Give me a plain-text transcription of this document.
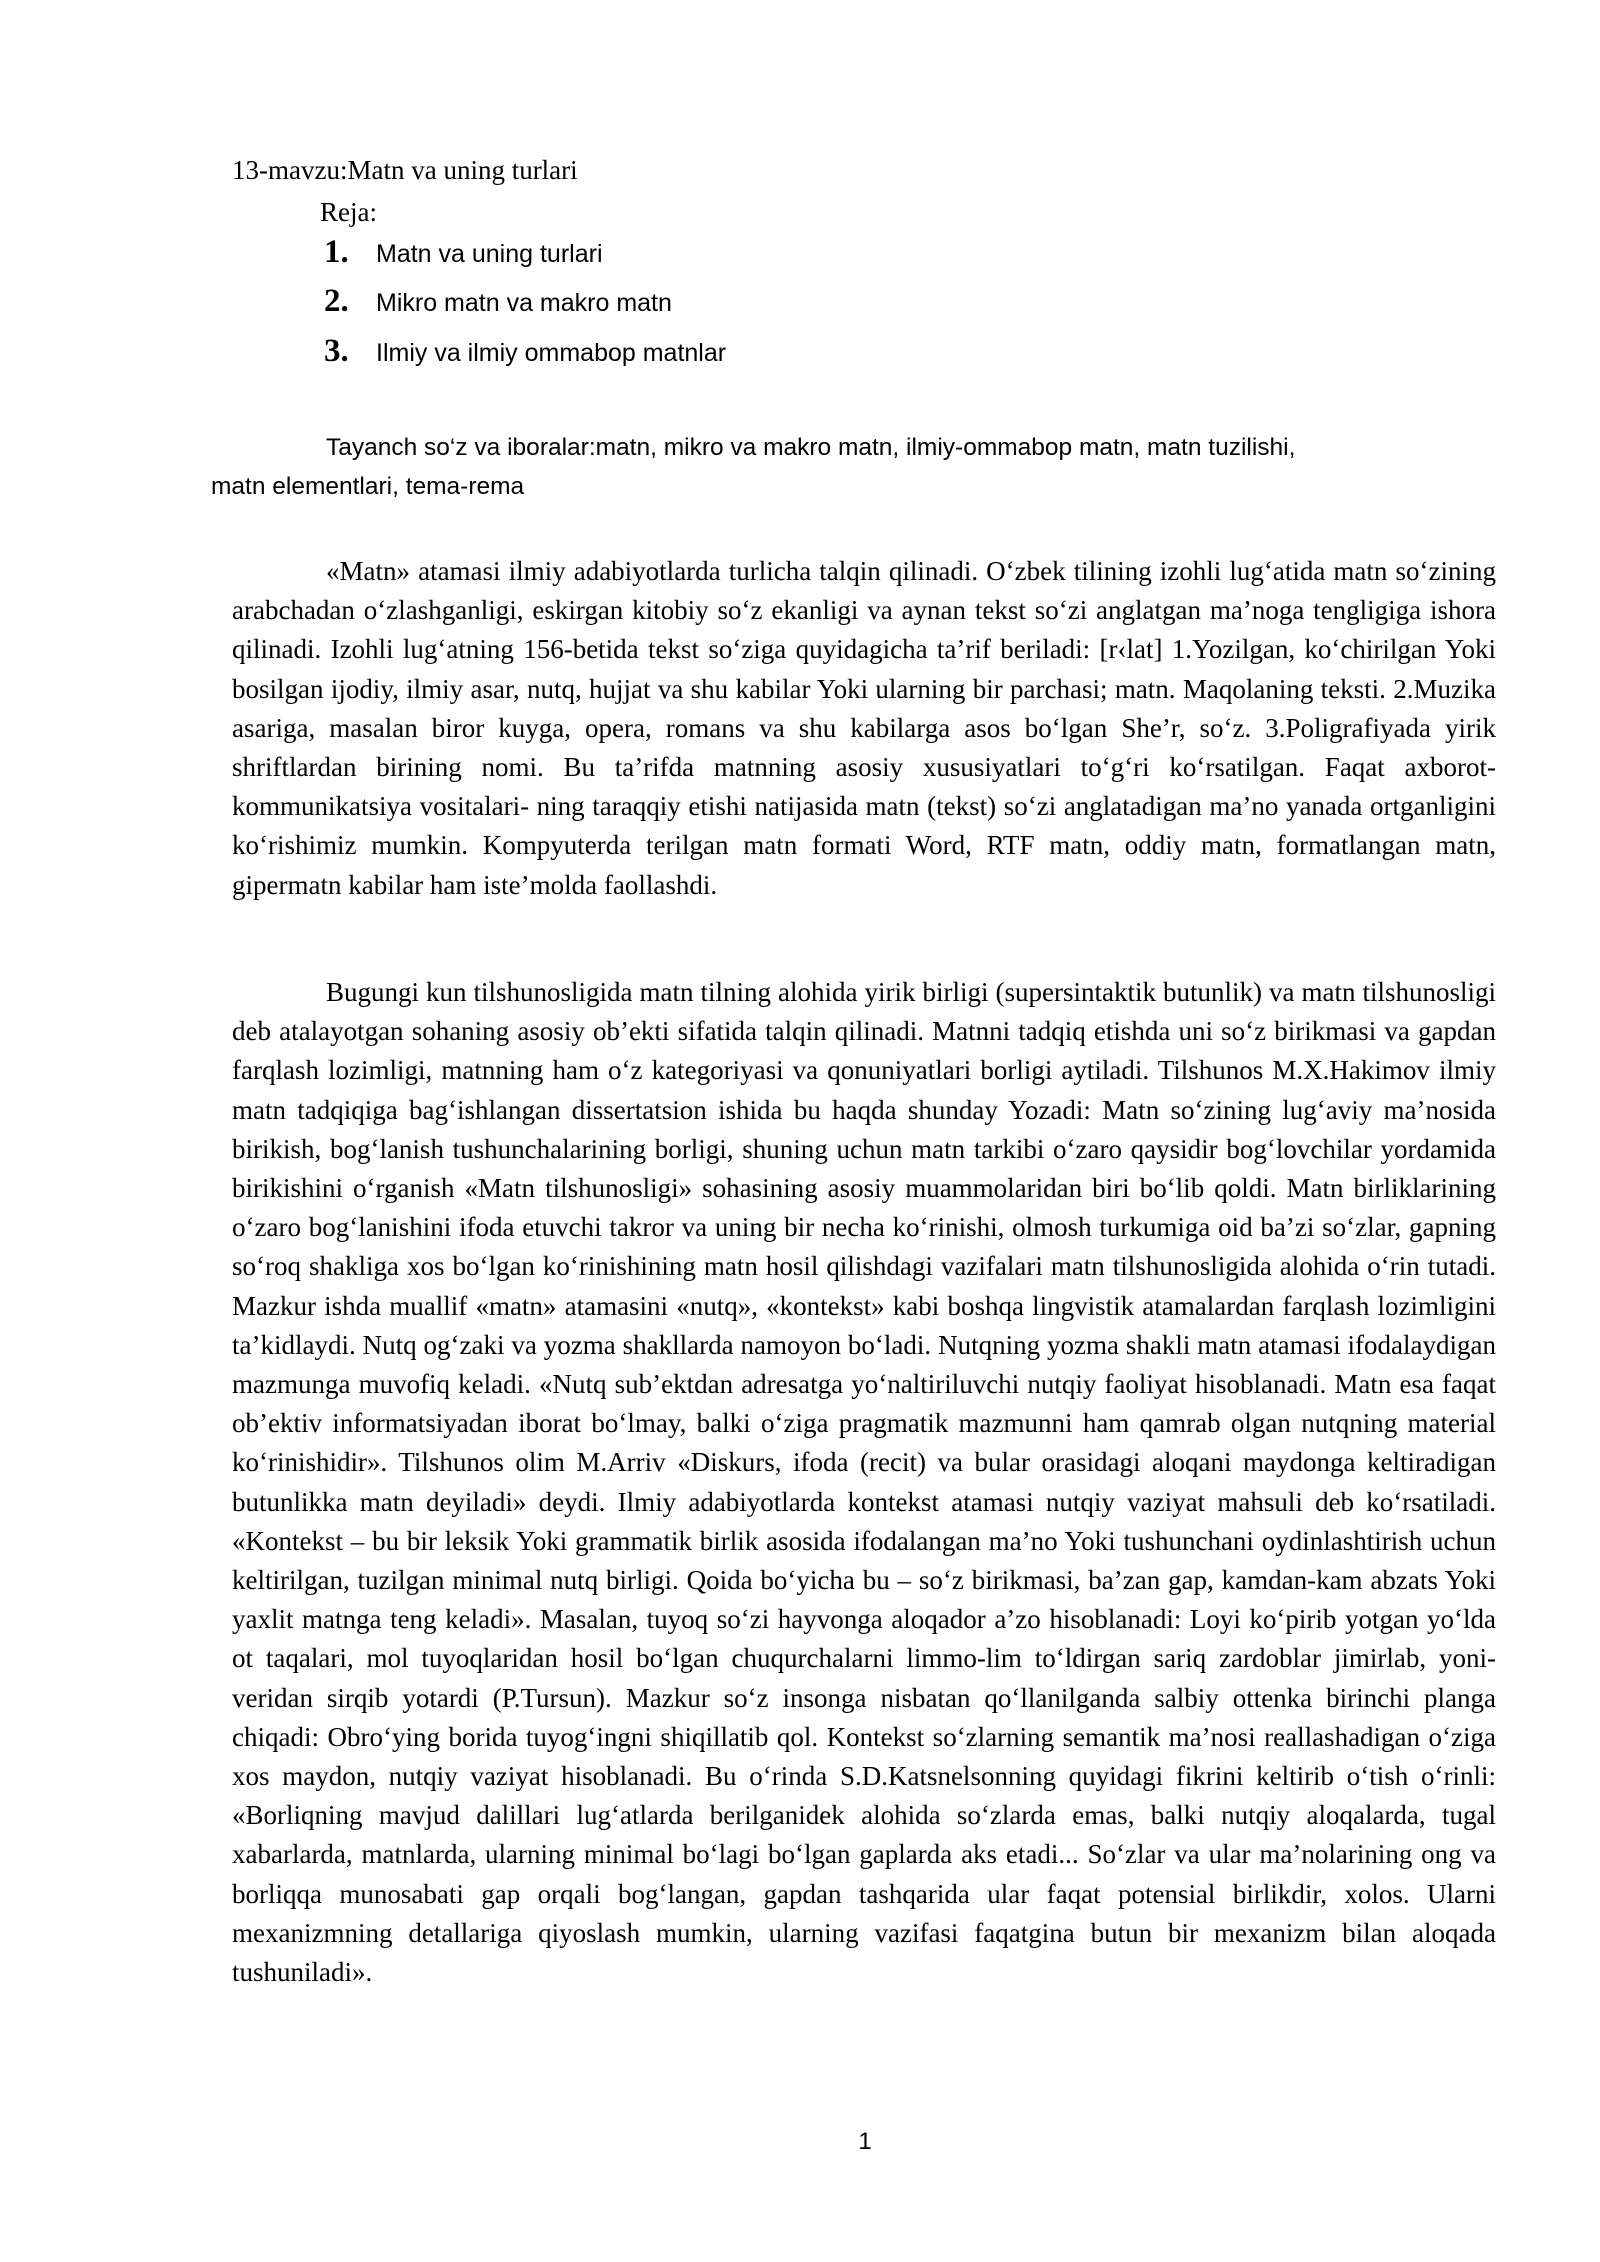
13-mavzu:Matn va uning turlari
Reja:
1.	Matn va uning turlari
2.	Mikro matn va makro matn
3.	Ilmiy va ilmiy ommabop matnlar
Tayanch so‘z va iboralar:matn, mikro va makro matn, ilmiy-ommabop matn, matn tuzilishi,
matn elementlari, tema-rema

«Matn» atamasi ilmiy adabiyotlarda turlicha talqin qilinadi. O‘zbek tilining izohli lug‘atida matn so‘zining arabchadan o‘zlashganligi, eskirgan kitobiy so‘z ekanligi va aynan tekst so‘zi anglatgan ma’noga tengligiga ishora qilinadi. Izohli lug‘atning 156-betida tekst so‘ziga quyidagicha ta’rif beriladi: [r‹lat] 1.Yozilgan, ko‘chirilgan Yoki bosilgan ijodiy, ilmiy asar, nutq, hujjat va shu kabilar Yoki ularning bir parchasi; matn. Maqolaning teksti. 2.Muzika asariga, masalan biror kuyga, opera, romans va shu kabilarga asos bo‘lgan She’r, so‘z. 3.Poligrafiyada yirik shriftlardan birining nomi. Bu ta’rifda matnning asosiy xususiyatlari to‘g‘ri ko‘rsatilgan. Faqat axborot-kommunikatsiya vositalari- ning taraqqiy etishi natijasida matn (tekst) so‘zi anglatadigan ma’no yanada ortganligini ko‘rishimiz mumkin. Kompyuterda terilgan matn formati Word, RTF matn, oddiy matn, formatlangan matn, gipermatn kabilar ham iste’molda faollashdi.

Bugungi kun tilshunosligida matn tilning alohida yirik birligi (supersintaktik butunlik) va matn tilshunosligi deb atalayotgan sohaning asosiy ob’ekti sifatida talqin qilinadi. Matnni tadqiq etishda uni so‘z birikmasi va gapdan farqlash lozimligi, matnning ham o‘z kategoriyasi va qonuniyatlari borligi aytiladi. Tilshunos M.X.Hakimov ilmiy matn tadqiqiga bag‘ishlangan dissertatsion ishida bu haqda shunday Yozadi: Matn so‘zining lug‘aviy ma’nosida birikish, bog‘lanish tushunchalarining borligi, shuning uchun matn tarkibi o‘zaro qaysidir bog‘lovchilar yordamida birikishini o‘rganish «Matn tilshunosligi» sohasining asosiy muammolaridan biri bo‘lib qoldi. Matn birliklarining o‘zaro bog‘lanishini ifoda etuvchi takror va uning bir necha ko‘rinishi, olmosh turkumiga oid ba’zi so‘zlar, gapning so‘roq shakliga xos bo‘lgan ko‘rinishining matn hosil qilishdagi vazifalari matn tilshunosligida alohida o‘rin tutadi. Mazkur ishda muallif «matn» atamasini «nutq», «kontekst» kabi boshqa lingvistik atamalardan farqlash lozimligini ta’kidlaydi. Nutq og‘zaki va yozma shakllarda namoyon bo‘ladi. Nutqning yozma shakli matn atamasi ifodalaydigan mazmunga muvofiq keladi. «Nutq sub’ektdan adresatga yo‘naltiriluvchi nutqiy faoliyat hisoblanadi. Matn esa faqat ob’ektiv informatsiyadan iborat bo‘lmay, balki o‘ziga pragmatik mazmunni ham qamrab olgan nutqning material ko‘rinishidir». Tilshunos olim M.Arriv «Diskurs, ifoda (recit) va bular orasidagi aloqani maydonga keltiradigan butunlikka matn deyiladi» deydi. Ilmiy adabiyotlarda kontekst atamasi nutqiy vaziyat mahsuli deb ko‘rsatiladi. «Kontekst – bu bir leksik Yoki grammatik birlik asosida ifodalangan ma’no Yoki tushunchani oydinlashtirish uchun keltirilgan, tuzilgan minimal nutq birligi. Qoida bo‘yicha bu – so‘z birikmasi, ba’zan gap, kamdan-kam abzats Yoki yaxlit matnga teng keladi». Masalan, tuyoq so‘zi hayvonga aloqador a’zo hisoblanadi: Loyi ko‘pirib yotgan yo‘lda ot taqalari, mol tuyoqlaridan hosil bo‘lgan chuqurchalarni limmo-lim to‘ldirgan sariq zardoblar jimirlab, yoni-veridan sirqib yotardi (P.Tursun). Mazkur so‘z insonga nisbatan qo‘llanilganda salbiy ottenka birinchi planga chiqadi: Obro‘ying borida tuyog‘ingni shiqillatib qol. Kontekst so‘zlarning semantik ma’nosi reallashadigan o‘ziga xos maydon, nutqiy vaziyat hisoblanadi. Bu o‘rinda S.D.Katsnelsonning quyidagi fikrini keltirib o‘tish o‘rinli: «Borliqning mavjud dalillari lug‘atlarda berilganidek alohida so‘zlarda emas, balki nutqiy aloqalarda, tugal xabarlarda, matnlarda, ularning minimal bo‘lagi bo‘lgan gaplarda aks etadi... So‘zlar va ular ma’nolarining ong va borliqqa munosabati gap orqali bog‘langan, gapdan tashqarida ular faqat potensial birlikdir, xolos. Ularni mexanizmning detallariga qiyoslash mumkin, ularning vazifasi faqatgina butun bir mexanizm bilan aloqada tushuniladi».

1
